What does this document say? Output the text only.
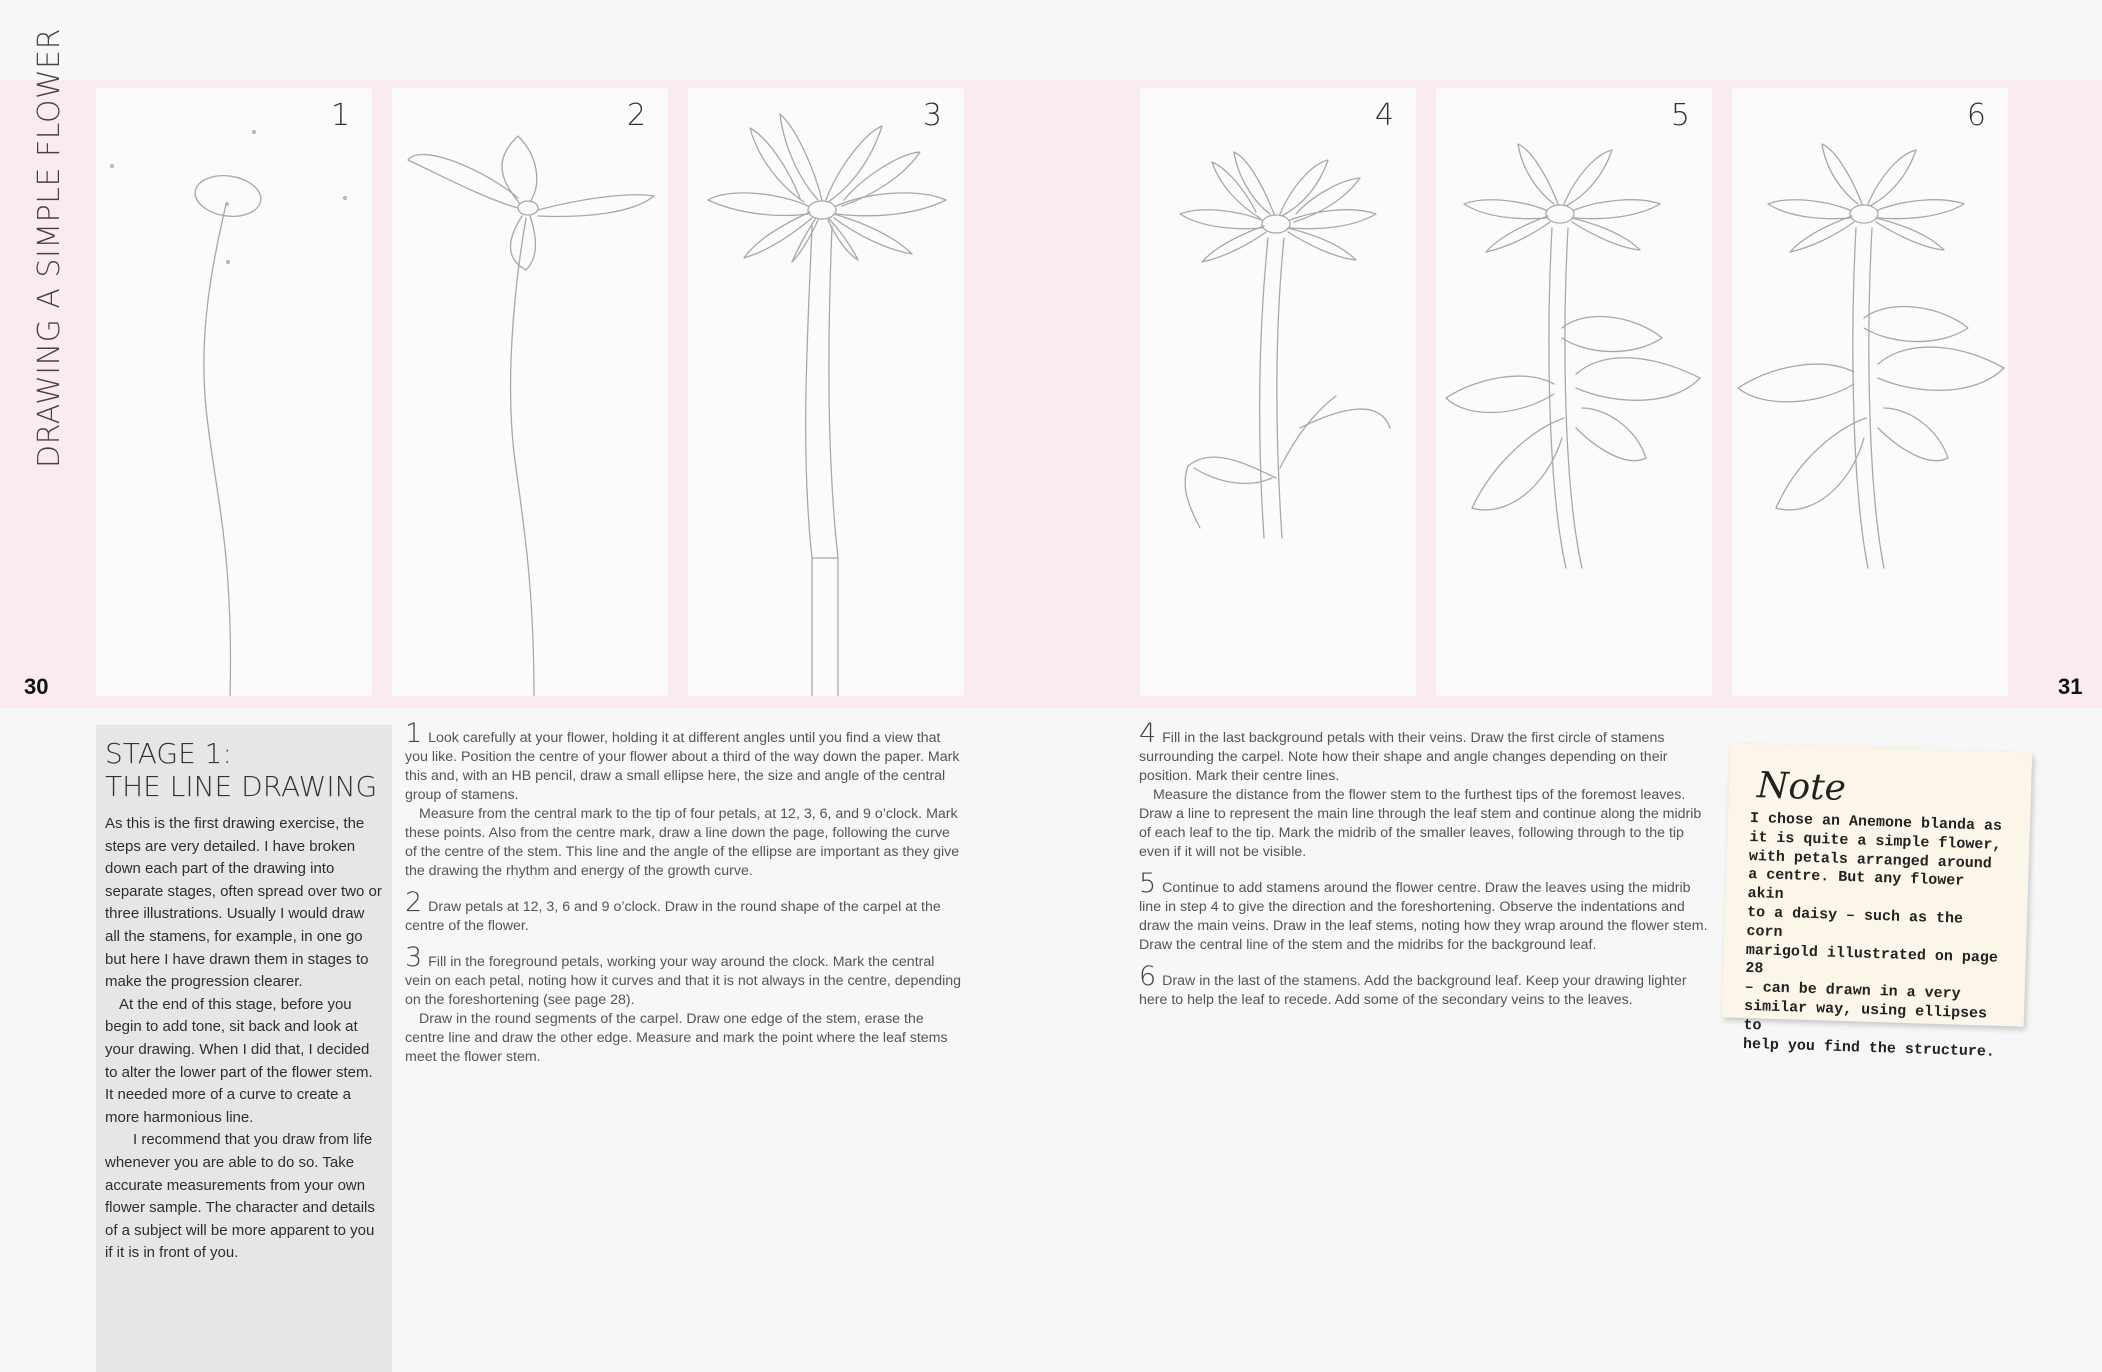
DRAWING A SIMPLE FLOWER
30	31
1	2	3	4	5	6
STAGE 1:
THE LINE DRAWING

As this is the first drawing exercise, the steps are very detailed. I have broken down each part of the drawing into separate stages, often spread over two or three illustrations. Usually I would draw all the stamens, for example, in one go but here I have drawn them in stages to make the progression clearer.

At the end of this stage, before you begin to add tone, sit back and look at your drawing. When I did that, I decided to alter the lower part of the flower stem. It needed more of a curve to create a more harmonious line.

I recommend that you draw from life whenever you are able to do so. Take accurate measurements from your own flower sample. The character and details of a subject will be more apparent to you if it is in front of you.

1 Look carefully at your flower, holding it at different angles until you find a view that you like. Position the centre of your flower about a third of the way down the paper. Mark this and, with an HB pencil, draw a small ellipse here, the size and angle of the central group of stamens.
Measure from the central mark to the tip of four petals, at 12, 3, 6, and 9 o’clock. Mark these points. Also from the centre mark, draw a line down the page, following the curve of the centre of the stem. This line and the angle of the ellipse are important as they give the drawing the rhythm and energy of the growth curve.

2 Draw petals at 12, 3, 6 and 9 o’clock. Draw in the round shape of the carpel at the centre of the flower.

3 Fill in the foreground petals, working your way around the clock. Mark the central vein on each petal, noting how it curves and that it is not always in the centre, depending on the foreshortening (see page 28).
Draw in the round segments of the carpel. Draw one edge of the stem, erase the centre line and draw the other edge. Measure and mark the point where the leaf stems meet the flower stem.

4 Fill in the last background petals with their veins. Draw the first circle of stamens surrounding the carpel. Note how their shape and angle changes depending on their position. Mark their centre lines.
Measure the distance from the flower stem to the furthest tips of the foremost leaves. Draw a line to represent the main line through the leaf stem and continue along the midrib of each leaf to the tip. Mark the midrib of the smaller leaves, following through to the tip even if it will not be visible.

5 Continue to add stamens around the flower centre. Draw the leaves using the midrib line in step 4 to give the direction and the foreshortening. Observe the indentations and draw the main veins. Draw in the leaf stems, noting how they wrap around the flower stem. Draw the central line of the stem and the midribs for the background leaf.

6 Draw in the last of the stamens. Add the background leaf. Keep your drawing lighter here to help the leaf to recede. Add some of the secondary veins to the leaves.

Note
I chose an Anemone blanda as
it is quite a simple flower,
with petals arranged around
a centre. But any flower akin
to a daisy – such as the corn
marigold illustrated on page 28
– can be drawn in a very
similar way, using ellipses to
help you find the structure.
